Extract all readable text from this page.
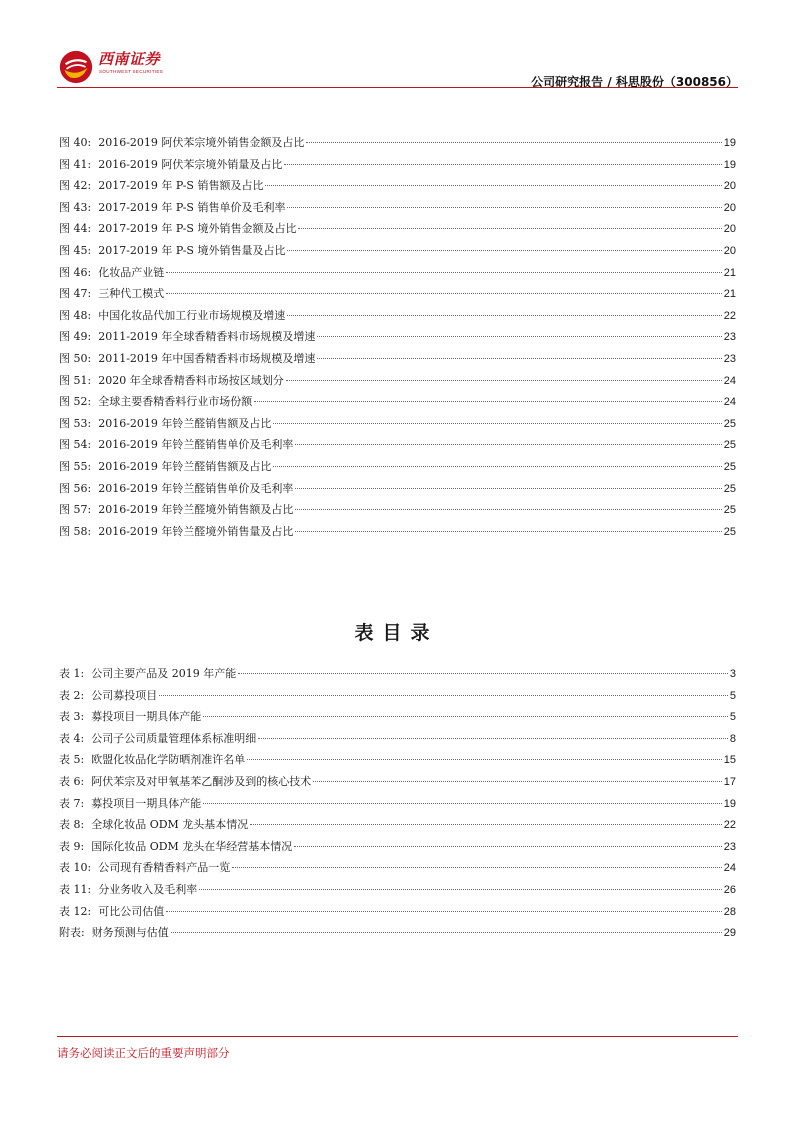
西南证券
SOUTHWEST SECURITIES
公司研究报告 / 科思股份（300856）
图 40: 2016-2019 阿伏苯宗境外销售金额及占比	19
图 41: 2016-2019 阿伏苯宗境外销量及占比	19
图 42: 2017-2019 年 P-S 销售额及占比	20
图 43: 2017-2019 年 P-S 销售单价及毛利率	20
图 44: 2017-2019 年 P-S 境外销售金额及占比	20
图 45: 2017-2019 年 P-S 境外销售量及占比	20
图 46: 化妆品产业链	21
图 47: 三种代工模式	21
图 48: 中国化妆品代加工行业市场规模及增速	22
图 49: 2011-2019 年全球香精香料市场规模及增速	23
图 50: 2011-2019 年中国香精香料市场规模及增速	23
图 51: 2020 年全球香精香料市场按区域划分	24
图 52: 全球主要香精香料行业市场份额	24
图 53: 2016-2019 年铃兰醛销售额及占比	25
图 54: 2016-2019 年铃兰醛销售单价及毛利率	25
图 55: 2016-2019 年铃兰醛销售额及占比	25
图 56: 2016-2019 年铃兰醛销售单价及毛利率	25
图 57: 2016-2019 年铃兰醛境外销售额及占比	25
图 58: 2016-2019 年铃兰醛境外销售量及占比	25
表目录
表 1: 公司主要产品及 2019 年产能	3
表 2: 公司募投项目	5
表 3: 募投项目一期具体产能	5
表 4: 公司子公司质量管理体系标准明细	8
表 5: 欧盟化妆品化学防晒剂准许名单	15
表 6: 阿伏苯宗及对甲氧基苯乙酮涉及到的核心技术	17
表 7: 募投项目一期具体产能	19
表 8: 全球化妆品 ODM 龙头基本情况	22
表 9: 国际化妆品 ODM 龙头在华经营基本情况	23
表 10: 公司现有香精香料产品一览	24
表 11: 分业务收入及毛利率	26
表 12: 可比公司估值	28
附表: 财务预测与估值	29
请务必阅读正文后的重要声明部分
